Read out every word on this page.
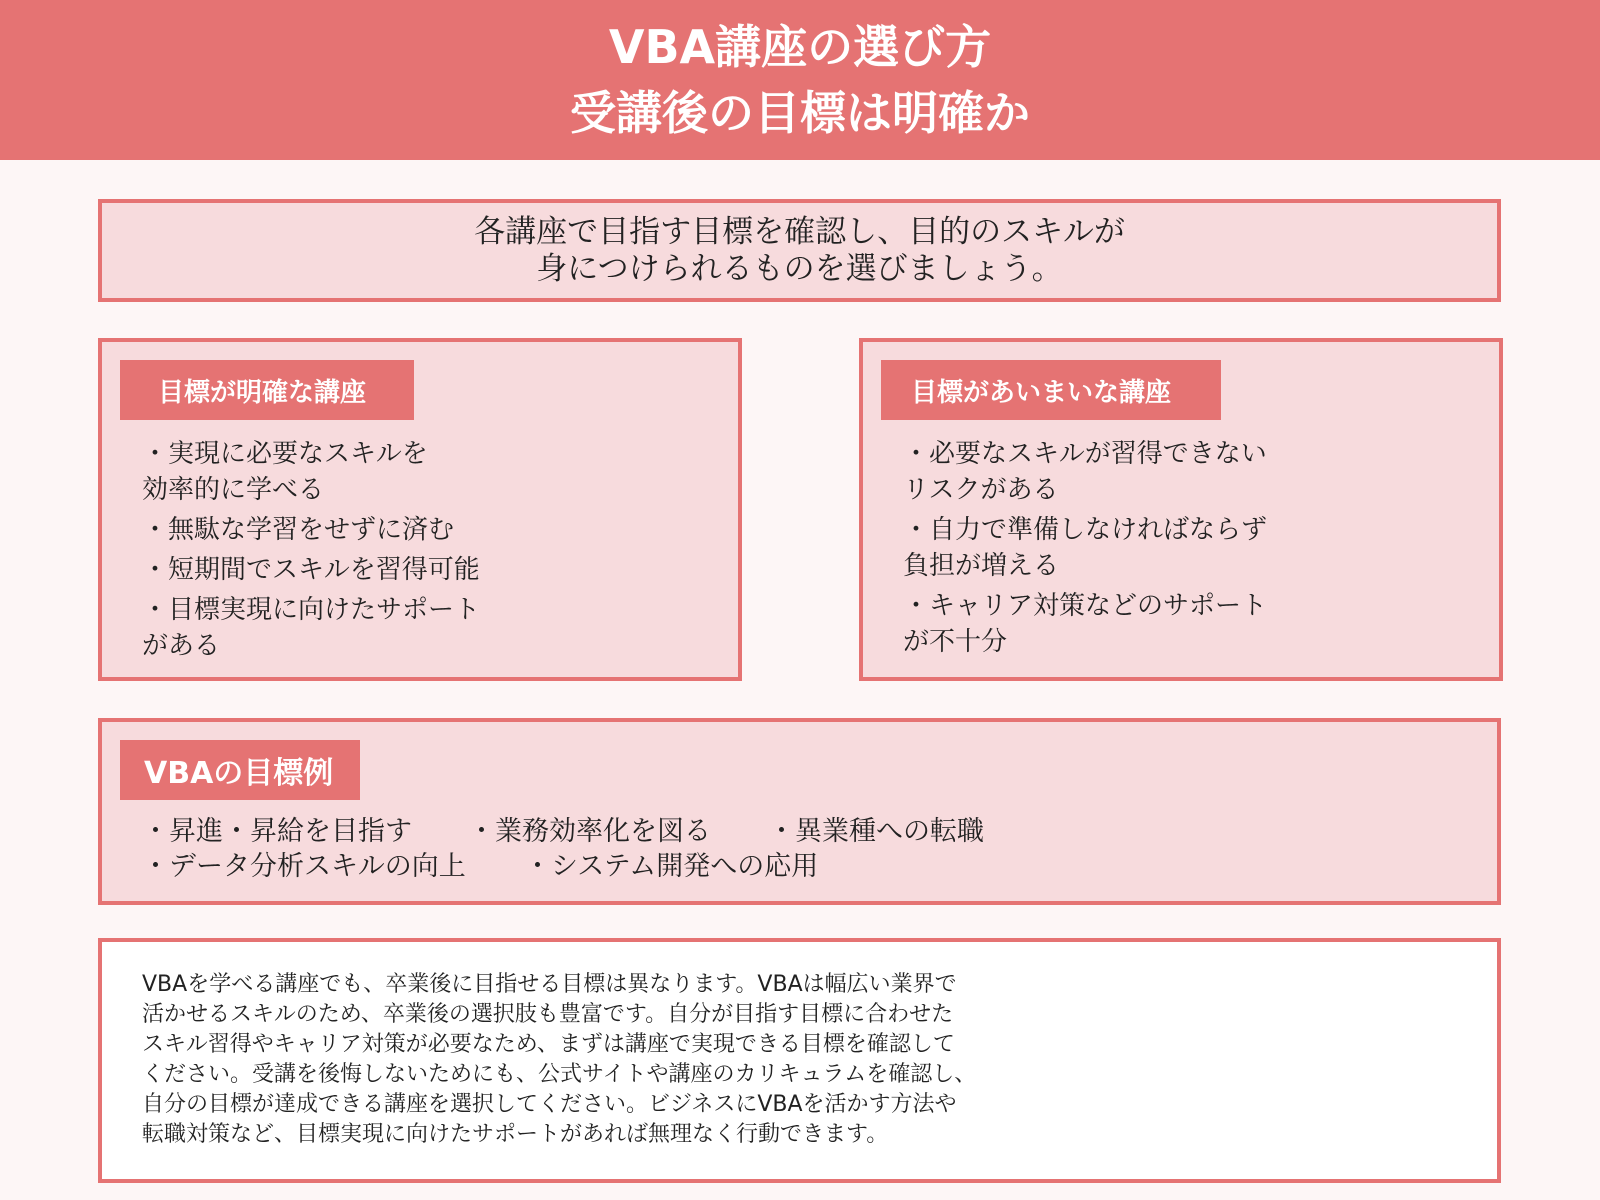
VBA講座の選び方
受講後の目標は明確か
各講座で目指す目標を確認し、目的のスキルが
身につけられるものを選びましょう。
目標が明確な講座
・実現に必要なスキルを
効率的に学べる
・無駄な学習をせずに済む
・短期間でスキルを習得可能
・目標実現に向けたサポート
がある
目標があいまいな講座
・必要なスキルが習得できない
リスクがある
・自力で準備しなければならず
負担が増える
・キャリア対策などのサポート
が不十分
VBAの目標例
・昇進・昇給を目指す	・業務効率化を図る	・異業種への転職
・データ分析スキルの向上	・システム開発への応用
VBAを学べる講座でも、卒業後に目指せる目標は異なります。VBAは幅広い業界で
活かせるスキルのため、卒業後の選択肢も豊富です。自分が目指す目標に合わせた
スキル習得やキャリア対策が必要なため、まずは講座で実現できる目標を確認して
ください。受講を後悔しないためにも、公式サイトや講座のカリキュラムを確認し、
自分の目標が達成できる講座を選択してください。ビジネスにVBAを活かす方法や
転職対策など、目標実現に向けたサポートがあれば無理なく行動できます。
